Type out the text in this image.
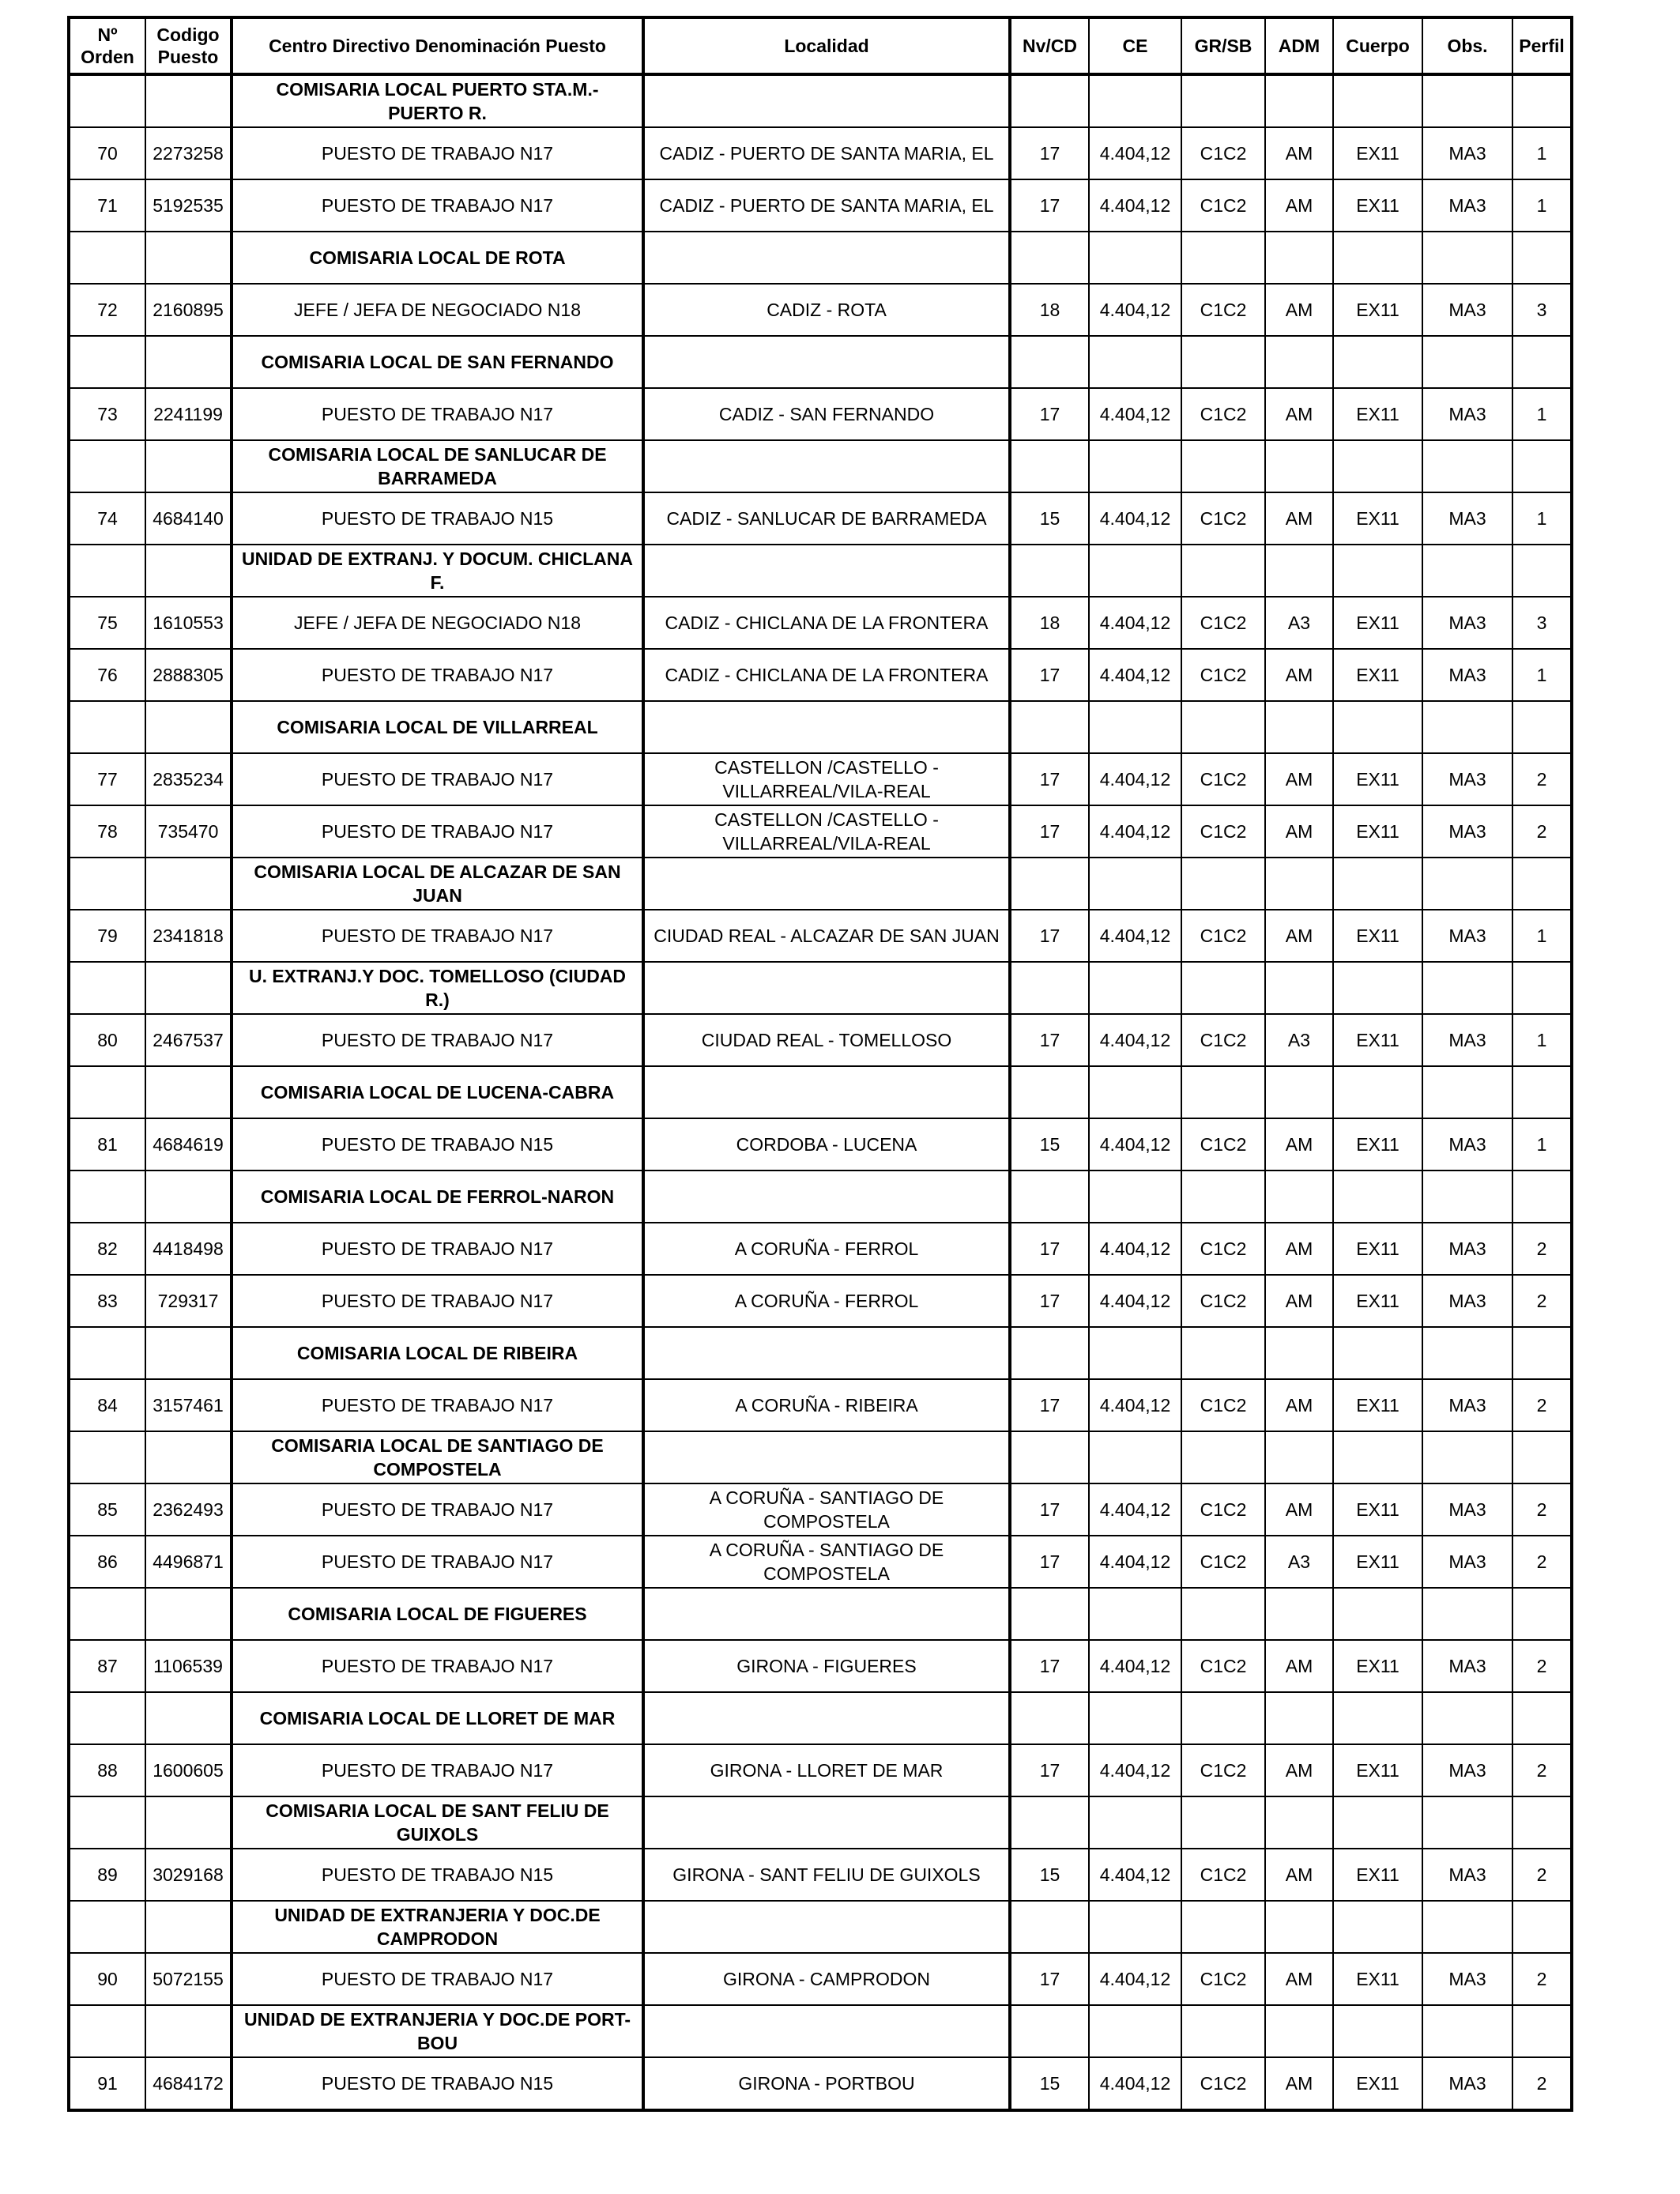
Nº Orden	Codigo Puesto	Centro Directivo Denominación Puesto	Localidad	Nv/CD	CE	GR/SB	ADM	Cuerpo	Obs.	Perfil
		COMISARIA LOCAL PUERTO STA.M.- PUERTO R.								
70	2273258	PUESTO DE TRABAJO N17	CADIZ - PUERTO DE SANTA MARIA, EL	17	4.404,12	C1C2	AM	EX11	MA3	1
71	5192535	PUESTO DE TRABAJO N17	CADIZ - PUERTO DE SANTA MARIA, EL	17	4.404,12	C1C2	AM	EX11	MA3	1
		COMISARIA LOCAL DE ROTA								
72	2160895	JEFE / JEFA DE NEGOCIADO N18	CADIZ - ROTA	18	4.404,12	C1C2	AM	EX11	MA3	3
		COMISARIA LOCAL DE SAN FERNANDO								
73	2241199	PUESTO DE TRABAJO N17	CADIZ - SAN FERNANDO	17	4.404,12	C1C2	AM	EX11	MA3	1
		COMISARIA LOCAL DE SANLUCAR DE BARRAMEDA								
74	4684140	PUESTO DE TRABAJO N15	CADIZ - SANLUCAR DE BARRAMEDA	15	4.404,12	C1C2	AM	EX11	MA3	1
		UNIDAD DE EXTRANJ. Y DOCUM. CHICLANA F.								
75	1610553	JEFE / JEFA DE NEGOCIADO N18	CADIZ - CHICLANA DE LA FRONTERA	18	4.404,12	C1C2	A3	EX11	MA3	3
76	2888305	PUESTO DE TRABAJO N17	CADIZ - CHICLANA DE LA FRONTERA	17	4.404,12	C1C2	AM	EX11	MA3	1
		COMISARIA LOCAL DE VILLARREAL								
77	2835234	PUESTO DE TRABAJO N17	CASTELLON /CASTELLO - VILLARREAL/VILA-REAL	17	4.404,12	C1C2	AM	EX11	MA3	2
78	735470	PUESTO DE TRABAJO N17	CASTELLON /CASTELLO - VILLARREAL/VILA-REAL	17	4.404,12	C1C2	AM	EX11	MA3	2
		COMISARIA LOCAL DE ALCAZAR DE SAN JUAN								
79	2341818	PUESTO DE TRABAJO N17	CIUDAD REAL - ALCAZAR DE SAN JUAN	17	4.404,12	C1C2	AM	EX11	MA3	1
		U. EXTRANJ.Y DOC. TOMELLOSO (CIUDAD R.)								
80	2467537	PUESTO DE TRABAJO N17	CIUDAD REAL - TOMELLOSO	17	4.404,12	C1C2	A3	EX11	MA3	1
		COMISARIA LOCAL DE LUCENA-CABRA								
81	4684619	PUESTO DE TRABAJO N15	CORDOBA - LUCENA	15	4.404,12	C1C2	AM	EX11	MA3	1
		COMISARIA LOCAL DE FERROL-NARON								
82	4418498	PUESTO DE TRABAJO N17	A CORUÑA - FERROL	17	4.404,12	C1C2	AM	EX11	MA3	2
83	729317	PUESTO DE TRABAJO N17	A CORUÑA - FERROL	17	4.404,12	C1C2	AM	EX11	MA3	2
		COMISARIA LOCAL DE RIBEIRA								
84	3157461	PUESTO DE TRABAJO N17	A CORUÑA - RIBEIRA	17	4.404,12	C1C2	AM	EX11	MA3	2
		COMISARIA LOCAL DE SANTIAGO DE COMPOSTELA								
85	2362493	PUESTO DE TRABAJO N17	A CORUÑA - SANTIAGO DE COMPOSTELA	17	4.404,12	C1C2	AM	EX11	MA3	2
86	4496871	PUESTO DE TRABAJO N17	A CORUÑA - SANTIAGO DE COMPOSTELA	17	4.404,12	C1C2	A3	EX11	MA3	2
		COMISARIA LOCAL DE FIGUERES								
87	1106539	PUESTO DE TRABAJO N17	GIRONA - FIGUERES	17	4.404,12	C1C2	AM	EX11	MA3	2
		COMISARIA LOCAL DE LLORET DE MAR								
88	1600605	PUESTO DE TRABAJO N17	GIRONA - LLORET DE MAR	17	4.404,12	C1C2	AM	EX11	MA3	2
		COMISARIA LOCAL DE SANT FELIU DE GUIXOLS								
89	3029168	PUESTO DE TRABAJO N15	GIRONA - SANT FELIU DE GUIXOLS	15	4.404,12	C1C2	AM	EX11	MA3	2
		UNIDAD DE EXTRANJERIA Y DOC.DE CAMPRODON								
90	5072155	PUESTO DE TRABAJO N17	GIRONA - CAMPRODON	17	4.404,12	C1C2	AM	EX11	MA3	2
		UNIDAD DE EXTRANJERIA Y DOC.DE PORT-BOU								
91	4684172	PUESTO DE TRABAJO N15	GIRONA - PORTBOU	15	4.404,12	C1C2	AM	EX11	MA3	2
